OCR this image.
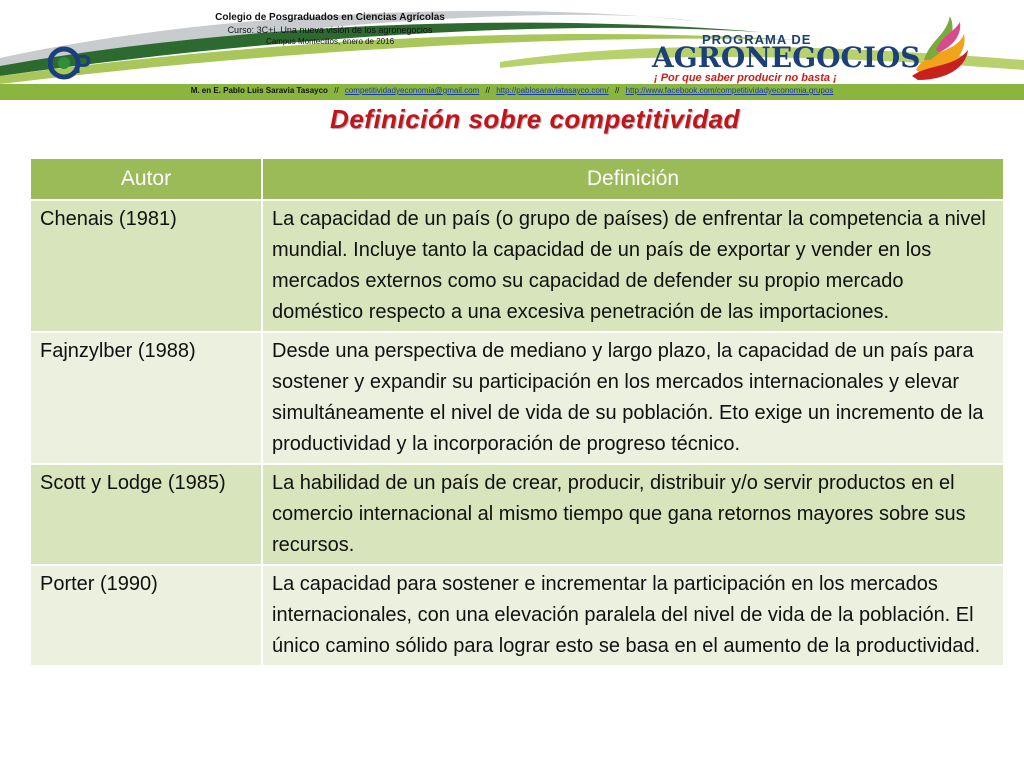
Colegio de Posgraduados en Ciencias Agrícolas
Curso: 3C+i. Una nueva visión de los agronegocios
Campus Montecillos, enero de 2016
P
PROGRAMA DE
AGRONEGOCIOS
¡ Por que saber producir no basta ¡
M. en E. Pablo Luis Saravia Tasayco // competitividadyeconomia@gmail.com // http://pablosaraviatasayco.com/ // http://www.facebook.com/competitividadyeconomia.grupos
Definición sobre competitividad
Autor	Definición
Chenais (1981)	La capacidad de un país (o grupo de países) de enfrentar la competencia a nivel mundial. Incluye tanto la capacidad de un país de exportar y vender en los mercados externos como su capacidad de defender su propio mercado doméstico respecto a una excesiva penetración de las importaciones.
Fajnzylber (1988)	Desde una perspectiva de mediano y largo plazo, la capacidad de un país para sostener y expandir su participación en los mercados internacionales y elevar simultáneamente el nivel de vida de su población. Eto exige un incremento de la productividad y la incorporación de progreso técnico.
Scott y Lodge (1985)	La habilidad de un país de crear, producir, distribuir y/o servir productos en el comercio internacional al mismo tiempo que gana retornos mayores sobre sus recursos.
Porter (1990)	La capacidad para sostener e incrementar la participación en los mercados internacionales, con una elevación paralela del nivel de vida de la población. El único camino sólido para lograr esto se basa en el aumento de la productividad.
